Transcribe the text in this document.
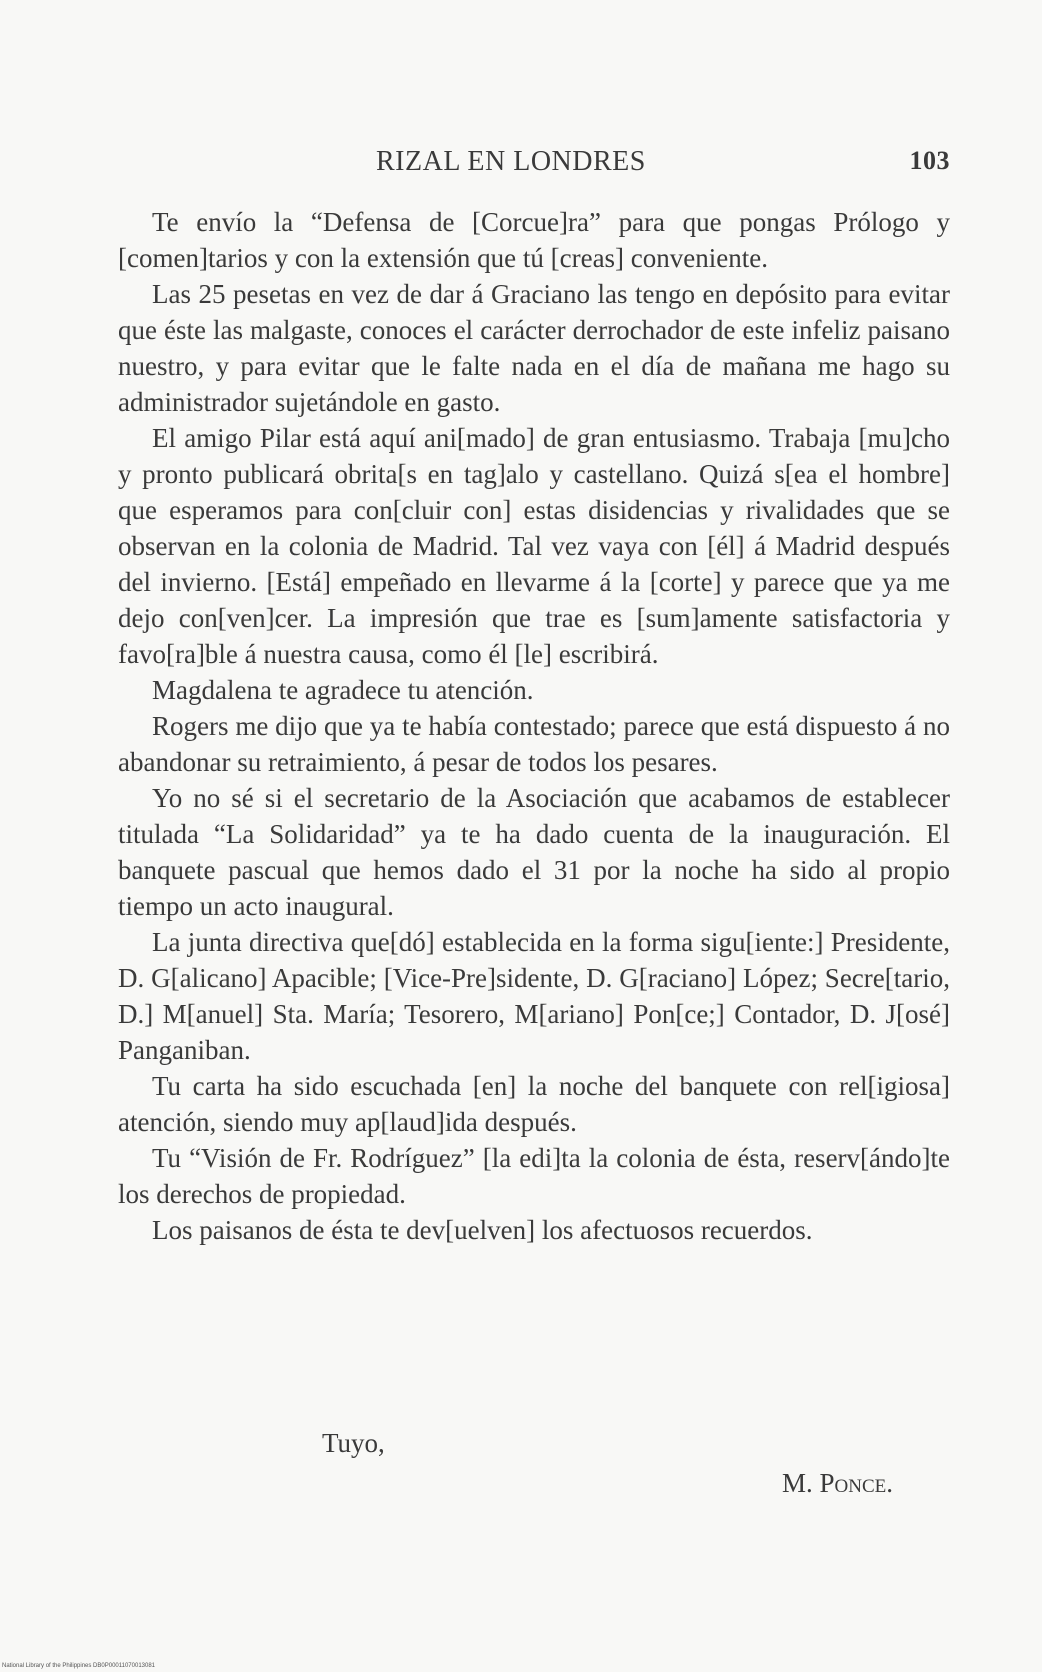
RIZAL EN LONDRES	103

Te envío la “Defensa de [Corcue]ra” para que pongas Prólogo y [comen]tarios y con la extensión que tú [creas] conveniente.

Las 25 pesetas en vez de dar á Graciano las tengo en depósito para evitar que éste las malgaste, conoces el carácter derrochador de este infeliz paisano nuestro, y para evitar que le falte nada en el día de mañana me hago su administrador sujetándole en gasto.

El amigo Pilar está aquí ani[mado] de gran entusiasmo. Trabaja [mu]cho y pronto publicará obrita[s en tag]alo y castellano. Quizá s[ea el hombre] que esperamos para con[cluir con] estas disidencias y rivalidades que se observan en la colonia de Madrid. Tal vez vaya con [él] á Madrid después del invierno. [Está] empeñado en llevarme á la [corte] y parece que ya me dejo con[ven]cer. La impresión que trae es [sum]amente satisfactoria y favo[ra]ble á nuestra causa, como él [le] escribirá.

Magdalena te agradece tu atención.

Rogers me dijo que ya te había contestado; parece que está dispuesto á no abandonar su retraimiento, á pesar de todos los pesares.

Yo no sé si el secretario de la Asociación que acabamos de establecer titulada “La Solidaridad” ya te ha dado cuenta de la inauguración. El banquete pascual que hemos dado el 31 por la noche ha sido al propio tiempo un acto inaugural.

La junta directiva que[dó] establecida en la forma sigu[iente:] Presidente, D. G[alicano] Apacible; [Vice-Pre]sidente, D. G[raciano] López; Secre[tario, D.] M[anuel] Sta. María; Tesorero, M[ariano] Pon[ce;] Contador, D. J[osé] Panganiban.

Tu carta ha sido escuchada [en] la noche del banquete con rel[igiosa] atención, siendo muy ap[laud]ida después.

Tu “Visión de Fr. Rodríguez” [la edi]ta la colonia de ésta, reserv[ándo]te los derechos de propiedad.

Los paisanos de ésta te dev[uelven] los afectuosos recuerdos.

Tuyo,
M. Ponce.
National Library of the Philippines DB0P00011070013081
